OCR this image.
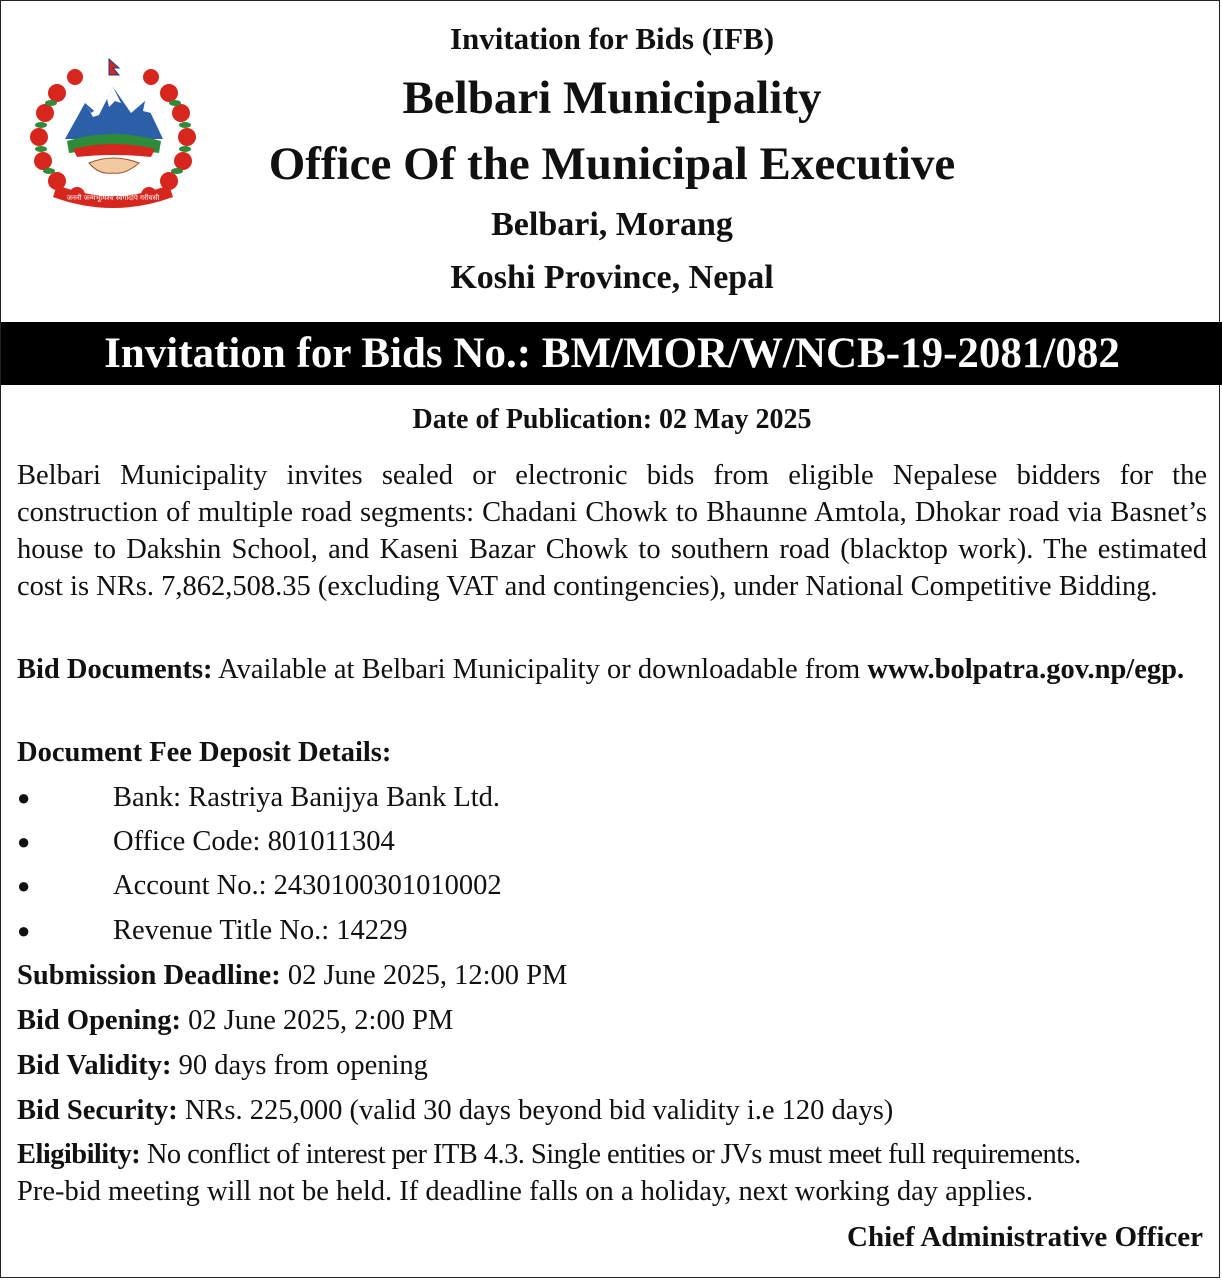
जननी जन्मभूमिश्च स्वर्गादपि गरीयसी
Invitation for Bids (IFB)
Belbari Municipality
Office Of the Municipal Executive
Belbari, Morang
Koshi Province, Nepal
Invitation for Bids No.: BM/MOR/W/NCB-19-2081/082
Date of Publication: 02 May 2025
Belbari Municipality invites sealed or electronic bids from eligible Nepalese bidders for the construction of multiple road segments: Chadani Chowk to Bhaunne Amtola, Dhokar road via Basnet’s house to Dakshin School, and Kaseni Bazar Chowk to southern road (blacktop work). The estimated cost is NRs. 7,862,508.35 (excluding VAT and contingencies), under National Competitive Bidding.
Bid Documents: Available at Belbari Municipality or downloadable from www.bolpatra.gov.np/egp.
Document Fee Deposit Details:
●	Bank: Rastriya Banijya Bank Ltd.
●	Office Code: 801011304
●	Account No.: 2430100301010002
●	Revenue Title No.: 14229
Submission Deadline: 02 June 2025, 12:00 PM
Bid Opening: 02 June 2025, 2:00 PM
Bid Validity: 90 days from opening
Bid Security: NRs. 225,000 (valid 30 days beyond bid validity i.e 120 days)
Eligibility: No conflict of interest per ITB 4.3. Single entities or JVs must meet full requirements.
Pre-bid meeting will not be held. If deadline falls on a holiday, next working day applies.
Chief Administrative Officer
